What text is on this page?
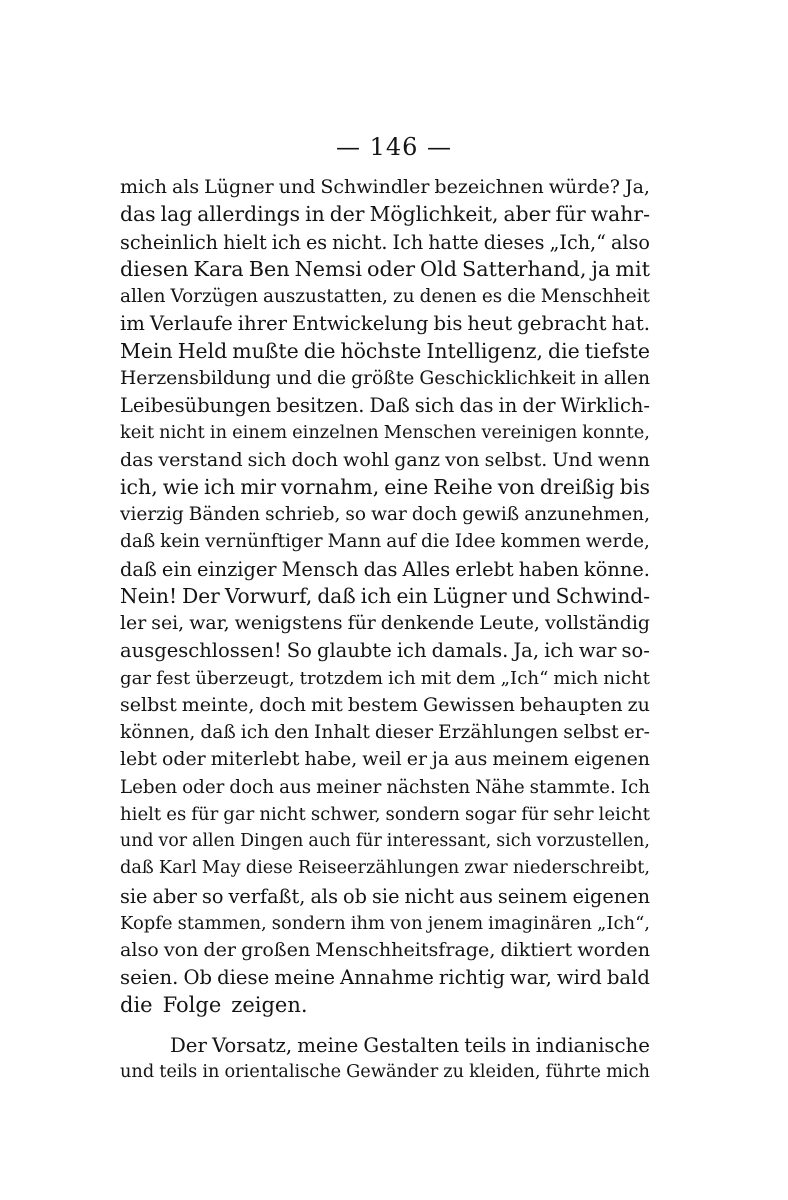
— 146 —
mich als Lügner und Schwindler bezeichnen würde? Ja,
das lag allerdings in der Möglichkeit, aber für wahr-
scheinlich hielt ich es nicht. Ich hatte dieses „Ich,“ also
diesen Kara Ben Nemsi oder Old Satterhand, ja mit
allen Vorzügen auszustatten, zu denen es die Menschheit
im Verlaufe ihrer Entwickelung bis heut gebracht hat.
Mein Held mußte die höchste Intelligenz, die tiefste
Herzensbildung und die größte Geschicklichkeit in allen
Leibesübungen besitzen. Daß sich das in der Wirklich-
keit nicht in einem einzelnen Menschen vereinigen konnte,
das verstand sich doch wohl ganz von selbst. Und wenn
ich, wie ich mir vornahm, eine Reihe von dreißig bis
vierzig Bänden schrieb, so war doch gewiß anzunehmen,
daß kein vernünftiger Mann auf die Idee kommen werde,
daß ein einziger Mensch das Alles erlebt haben könne.
Nein! Der Vorwurf, daß ich ein Lügner und Schwind-
ler sei, war, wenigstens für denkende Leute, vollständig
ausgeschlossen! So glaubte ich damals. Ja, ich war so-
gar fest überzeugt, trotzdem ich mit dem „Ich“ mich nicht
selbst meinte, doch mit bestem Gewissen behaupten zu
können, daß ich den Inhalt dieser Erzählungen selbst er-
lebt oder miterlebt habe, weil er ja aus meinem eigenen
Leben oder doch aus meiner nächsten Nähe stammte. Ich
hielt es für gar nicht schwer, sondern sogar für sehr leicht
und vor allen Dingen auch für interessant, sich vorzustellen,
daß Karl May diese Reiseerzählungen zwar niederschreibt,
sie aber so verfaßt, als ob sie nicht aus seinem eigenen
Kopfe stammen, sondern ihm von jenem imaginären „Ich“,
also von der großen Menschheitsfrage, diktiert worden
seien. Ob diese meine Annahme richtig war, wird bald
die Folge zeigen.
Der Vorsatz, meine Gestalten teils in indianische
und teils in orientalische Gewänder zu kleiden, führte mich
